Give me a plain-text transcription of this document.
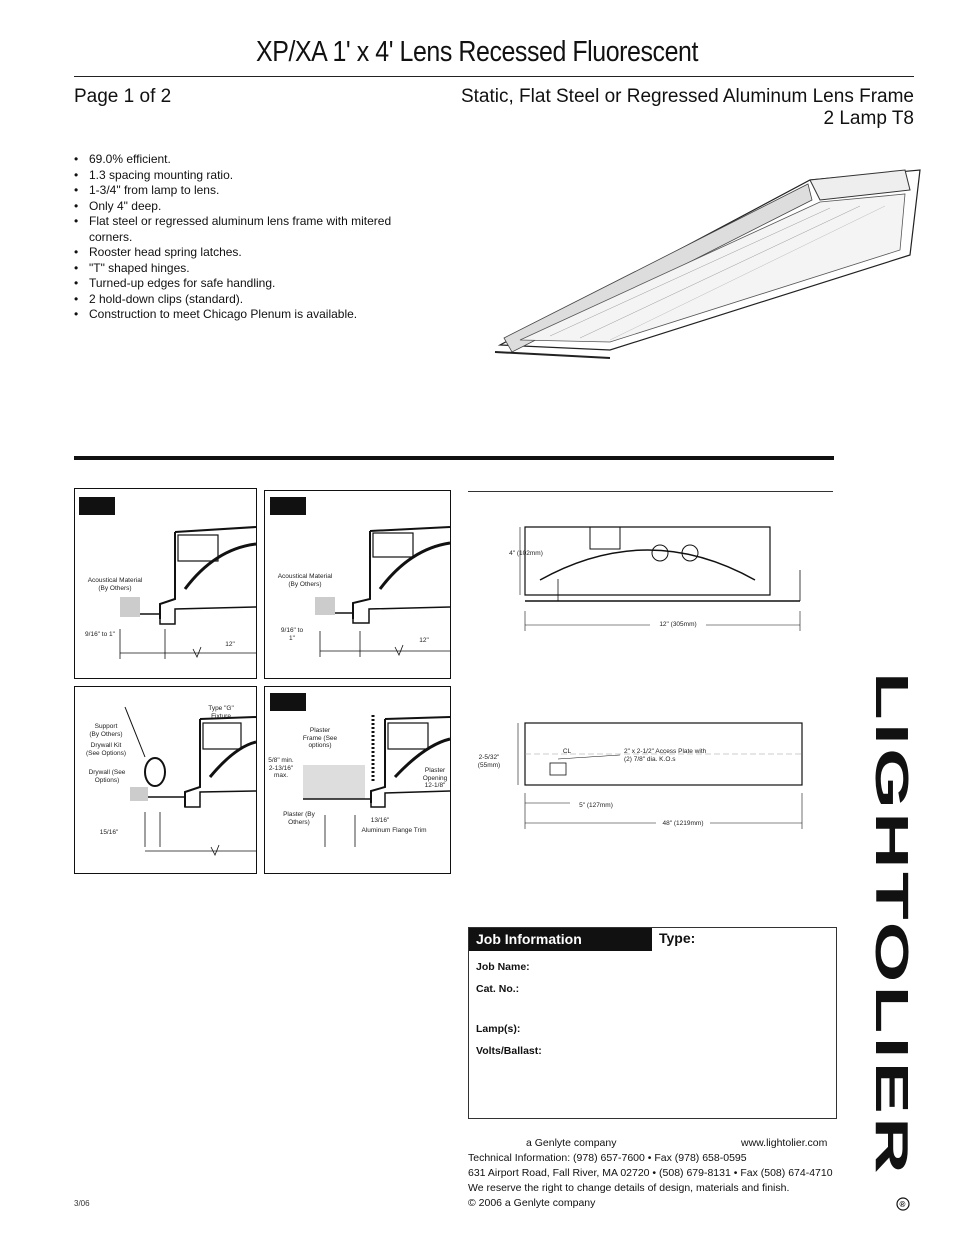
XP/XA 1' x 4' Lens Recessed Fluorescent
Page 1 of 2	Static, Flat Steel or Regressed Aluminum Lens Frame
2 Lamp T8
• 69.0% efficient.
• 1.3 spacing mounting ratio.
• 1-3/4" from lamp to lens.
• Only 4" deep.
• Flat steel or regressed aluminum lens frame with mitered corners.
• Rooster head spring latches.
• "T" shaped hinges.
• Turned-up edges for safe handling.
• 2 hold-down clips (standard).
• Construction to meet Chicago Plenum is available.
Acoustical Material (By Others)
9/16" to 1"
12"
Acoustical Material (By Others)
9/16" to 1"	12"
Type "G" Fixture
Support (By Others)
Drywall Kit (See Options)
Drywall (See Options)
15/16"
5/8" min. 2-13/16" max.
Plaster Frame (See options)
Plaster Opening 12-1/8"
Plaster (By Others)	13/16"
Aluminum Flange Trim
4" (102mm)
12" (305mm)
2-5/32" (55mm)
CL	2" x 2-1/2" Access Plate with (2) 7/8" dia. K.O.s
5" (127mm)
48" (1219mm)
Job Information	Type:
Job Name:
Cat. No.:
Lamp(s):
Volts/Ballast:
a Genlyte company	www.lightolier.com
Technical Information: (978) 657-7600 • Fax (978) 658-0595
631 Airport Road, Fall River, MA 02720 • (508) 679-8131 • Fax (508) 674-4710
We reserve the right to change details of design, materials and finish.
© 2006 a Genlyte company
3/06
LIGHTOLIER
®
